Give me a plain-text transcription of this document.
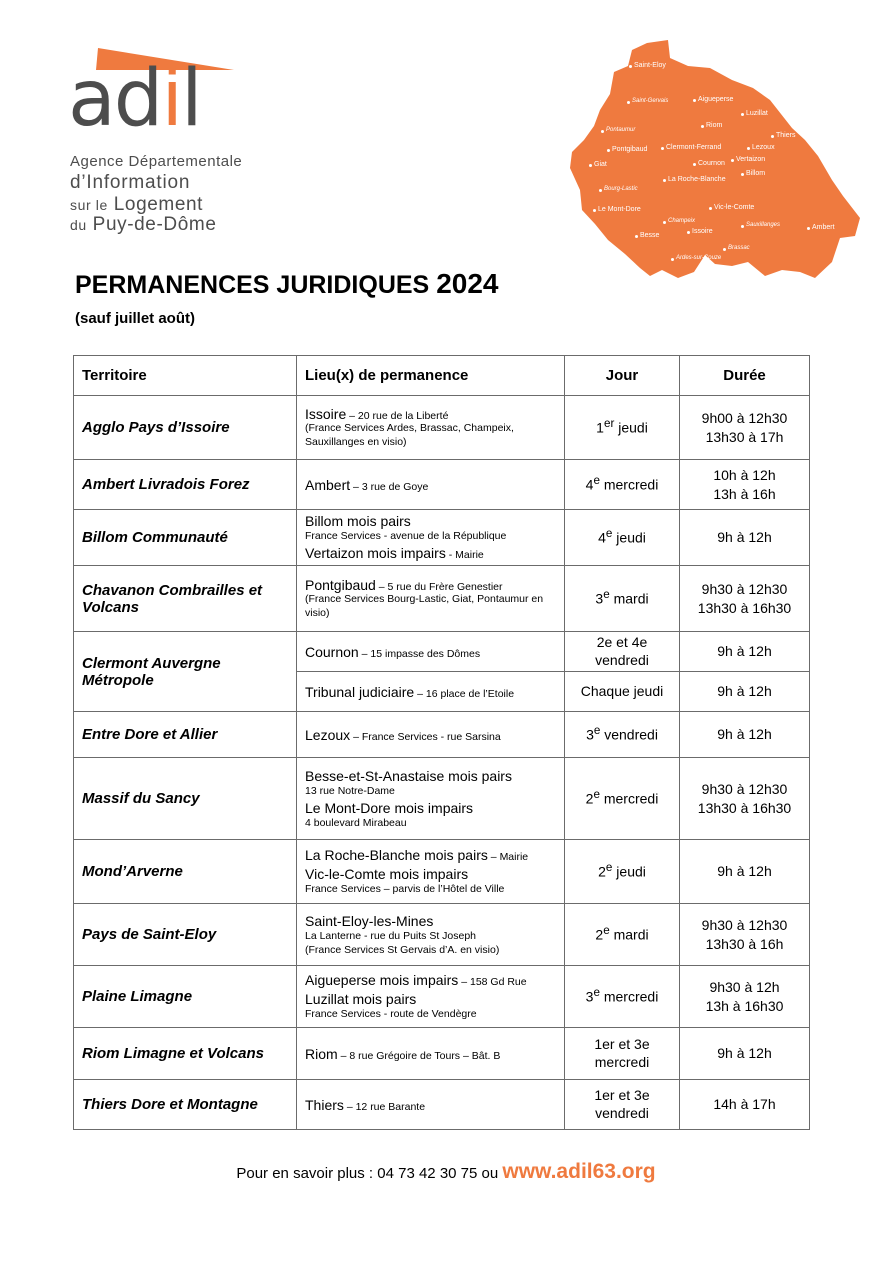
adil
Agence Départementale
d’Information
sur le Logement
du Puy-de-Dôme
Saint-Eloy
Saint-Gervais	Aigueperse
Luzillat
Pontaumur
Riom
Thiers
Pontgibaud	Clermont-Ferrand	Lezoux
Giat	Cournon
Vertaizon
La Roche-Blanche
Billom
Bourg-Lastic
Le Mont-Dore	Vic-le-Comte
Champeix
Sauxillanges	Ambert
Besse
Issoire
Brassac
Ardes-sur-Couze
PERMANENCES JURIDIQUES 2024
(sauf juillet août)
Territoire	Lieu(x) de permanence	Jour	Durée
Agglo Pays d’Issoire	Issoire – 20 rue de la Liberté
(France Services Ardes, Brassac, Champeix, Sauxillanges en visio)	1er jeudi	9h00 à 12h30
13h30 à 17h

Ambert Livradois Forez	Ambert – 3 rue de Goye	4e mercredi	10h à 12h
13h à 16h

Billom Communauté	Billom mois pairs
France Services - avenue de la République
Vertaizon mois impairs - Mairie	4e jeudi	9h à 12h

Chavanon Combrailles et Volcans	Pontgibaud – 5 rue du Frère Genestier
(France Services Bourg-Lastic, Giat, Pontaumur en visio)	3e mardi	9h30 à 12h30
13h30 à 16h30

Clermont Auvergne Métropole	Cournon – 15 impasse des Dômes	2e et 4e vendredi	9h à 12h

	Tribunal judiciaire – 16 place de l’Etoile	Chaque jeudi	9h à 12h

Entre Dore et Allier	Lezoux – France Services - rue Sarsina	3e vendredi	9h à 12h

Massif du Sancy	Besse-et-St-Anastaise mois pairs
13 rue Notre-Dame
Le Mont-Dore mois impairs
4 boulevard Mirabeau	2e mercredi	9h30 à 12h30
13h30 à 16h30

Mond’Arverne	La Roche-Blanche mois pairs – Mairie
Vic-le-Comte mois impairs
France Services – parvis de l’Hôtel de Ville	2e jeudi	9h à 12h

Pays de Saint-Eloy	Saint-Eloy-les-Mines
La Lanterne - rue du Puits St Joseph
(France Services St Gervais d’A. en visio)	2e mardi	9h30 à 12h30
13h30 à 16h

Plaine Limagne	Aigueperse mois impairs – 158 Gd Rue
Luzillat mois pairs
France Services - route de Vendègre	3e mercredi	9h30 à 12h
13h à 16h30

Riom Limagne et Volcans	Riom – 8 rue Grégoire de Tours – Bât. B	1er et 3e mercredi	9h à 12h

Thiers Dore et Montagne	Thiers – 12 rue Barante	1er et 3e vendredi	14h à 17h
Pour en savoir plus : 04 73 42 30 75 ou www.adil63.org
